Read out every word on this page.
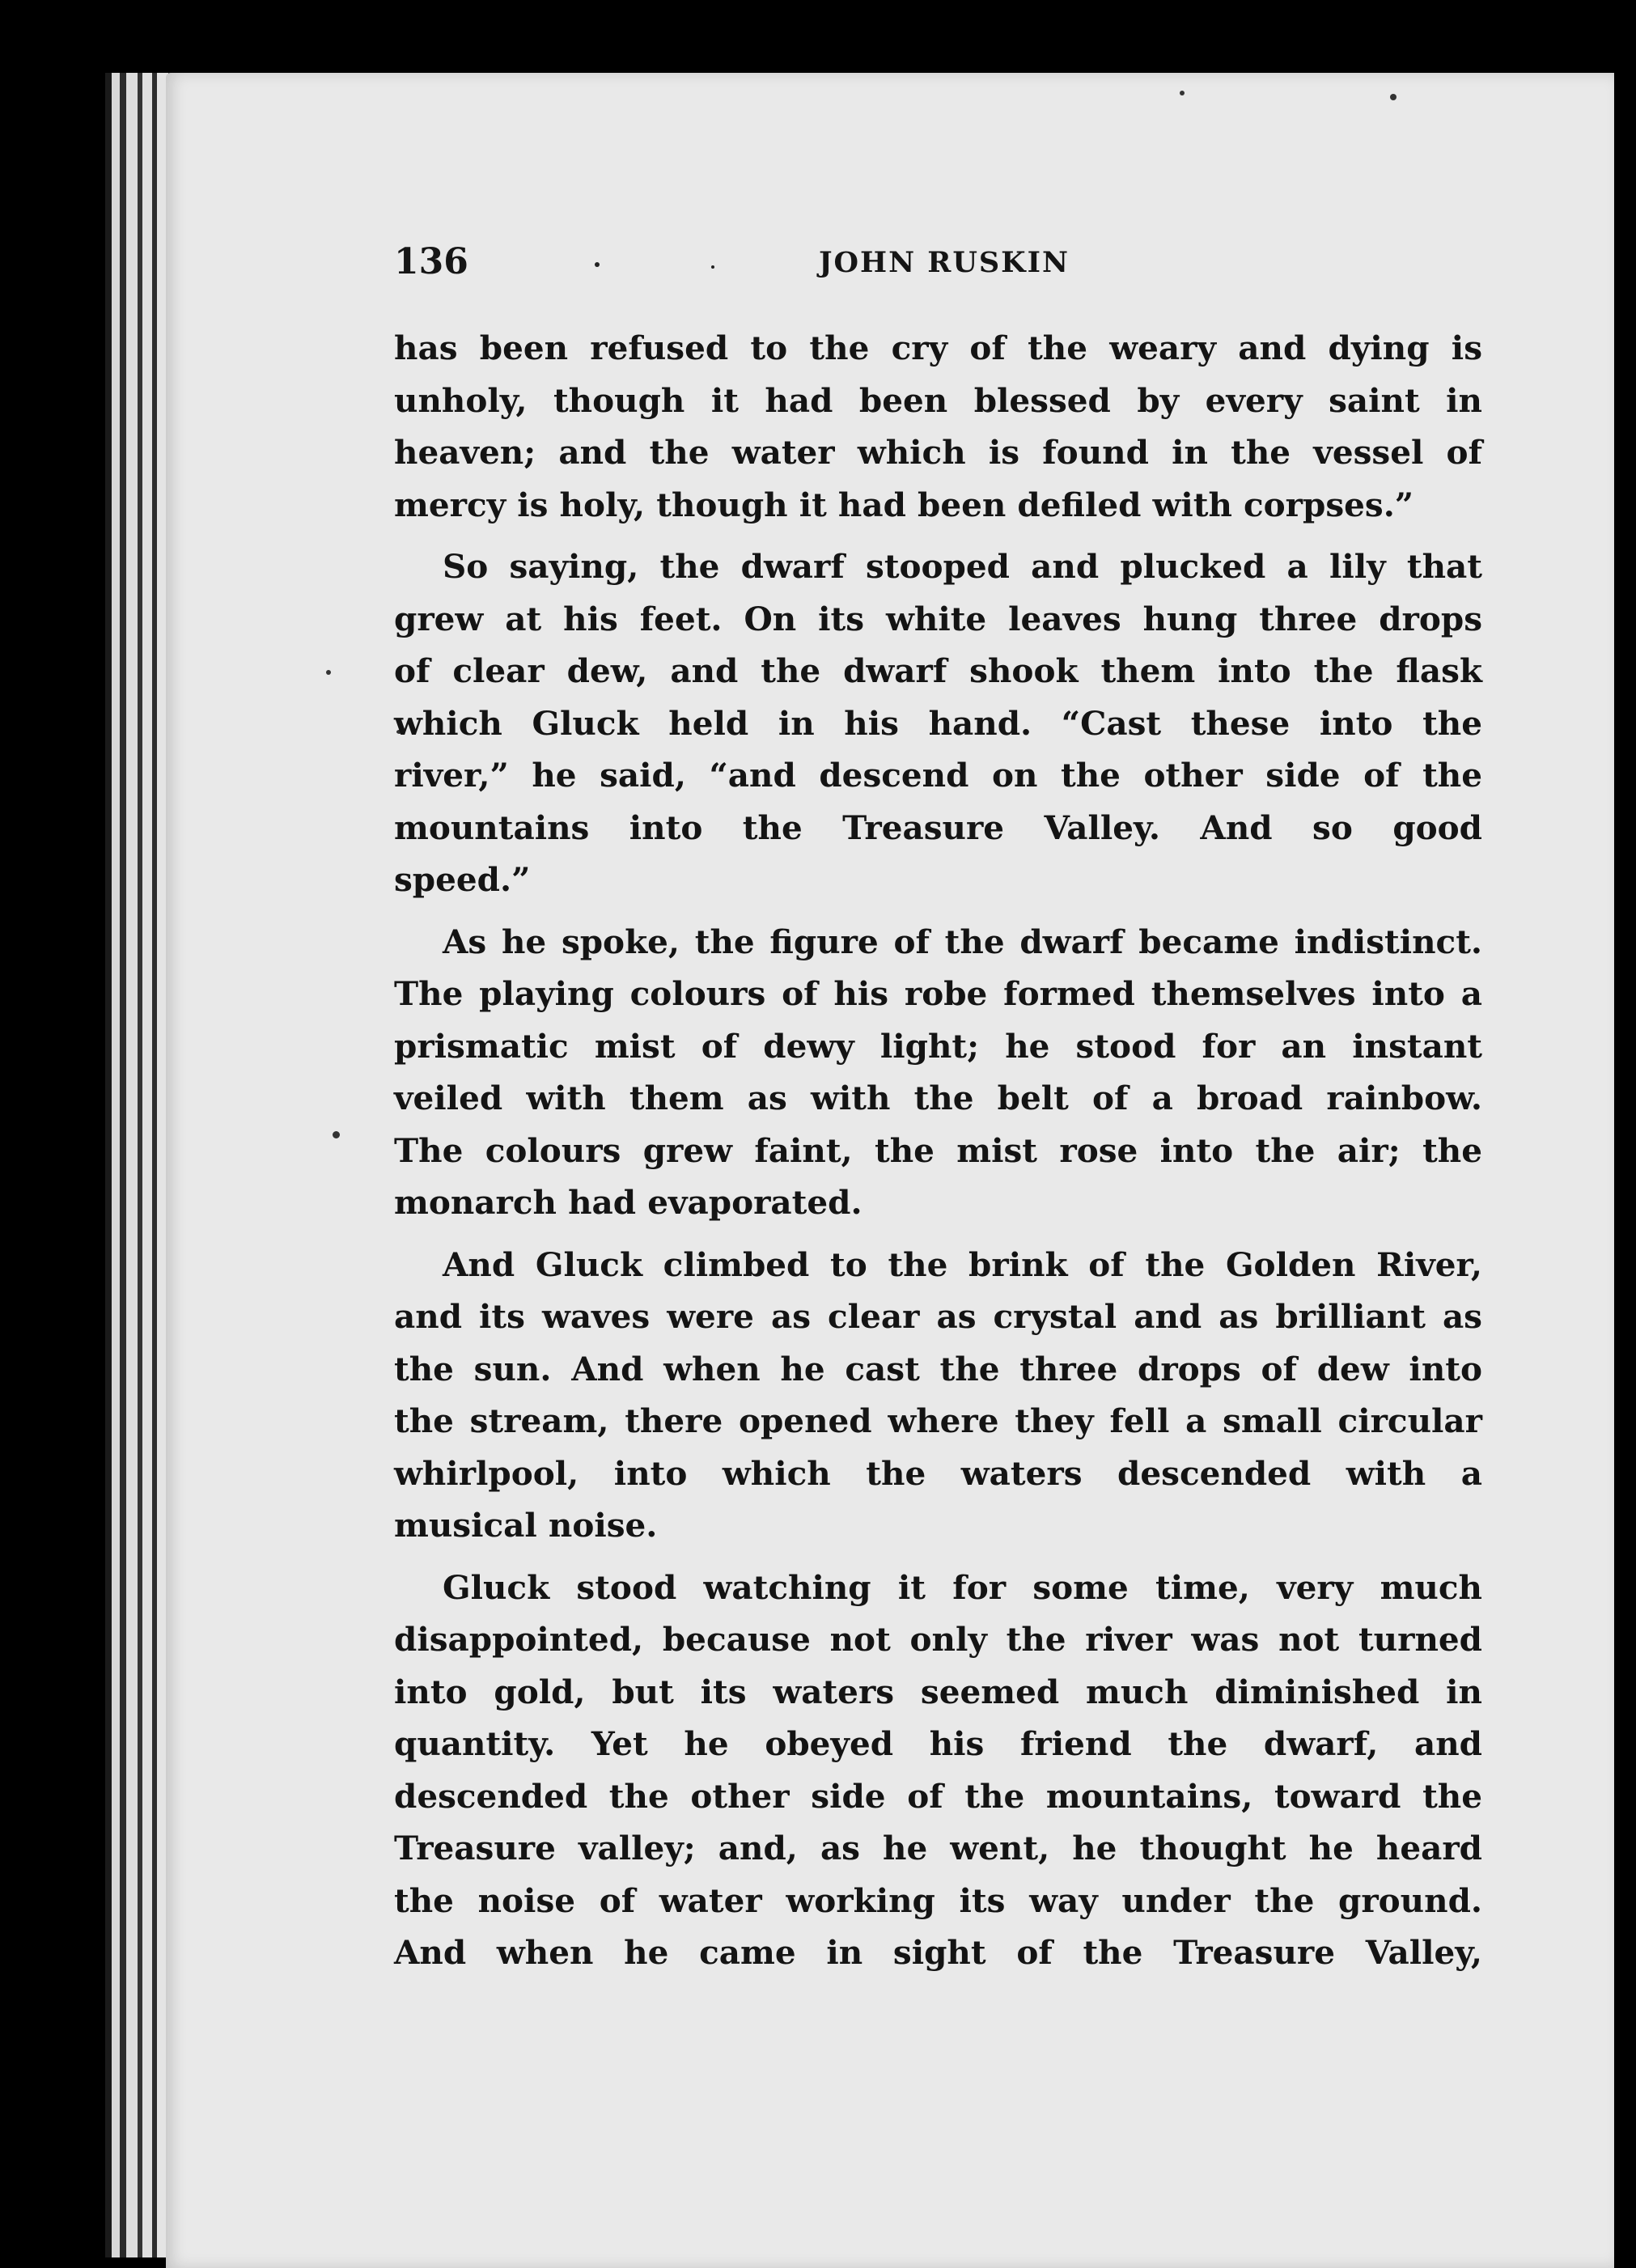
136	JOHN RUSKIN
has been refused to the cry of the weary and dying is
unholy, though it had been blessed by every saint in
heaven; and the water which is found in the vessel of
mercy is holy, though it had been defiled with corpses.”
So saying, the dwarf stooped and plucked a lily that
grew at his feet. On its white leaves hung three drops
of clear dew, and the dwarf shook them into the flask
which Gluck held in his hand. “Cast these into the
river,” he said, “and descend on the other side of the
mountains into the Treasure Valley. And so good
speed.”
As he spoke, the figure of the dwarf became indistinct.
The playing colours of his robe formed themselves into a
prismatic mist of dewy light; he stood for an instant
veiled with them as with the belt of a broad rainbow.
The colours grew faint, the mist rose into the air; the
monarch had evaporated.
And Gluck climbed to the brink of the Golden River,
and its waves were as clear as crystal and as brilliant as
the sun. And when he cast the three drops of dew into
the stream, there opened where they fell a small circular
whirlpool, into which the waters descended with a
musical noise.
Gluck stood watching it for some time, very much
disappointed, because not only the river was not turned
into gold, but its waters seemed much diminished in
quantity. Yet he obeyed his friend the dwarf, and
descended the other side of the mountains, toward the
Treasure valley; and, as he went, he thought he heard
the noise of water working its way under the ground.
And when he came in sight of the Treasure Valley,
